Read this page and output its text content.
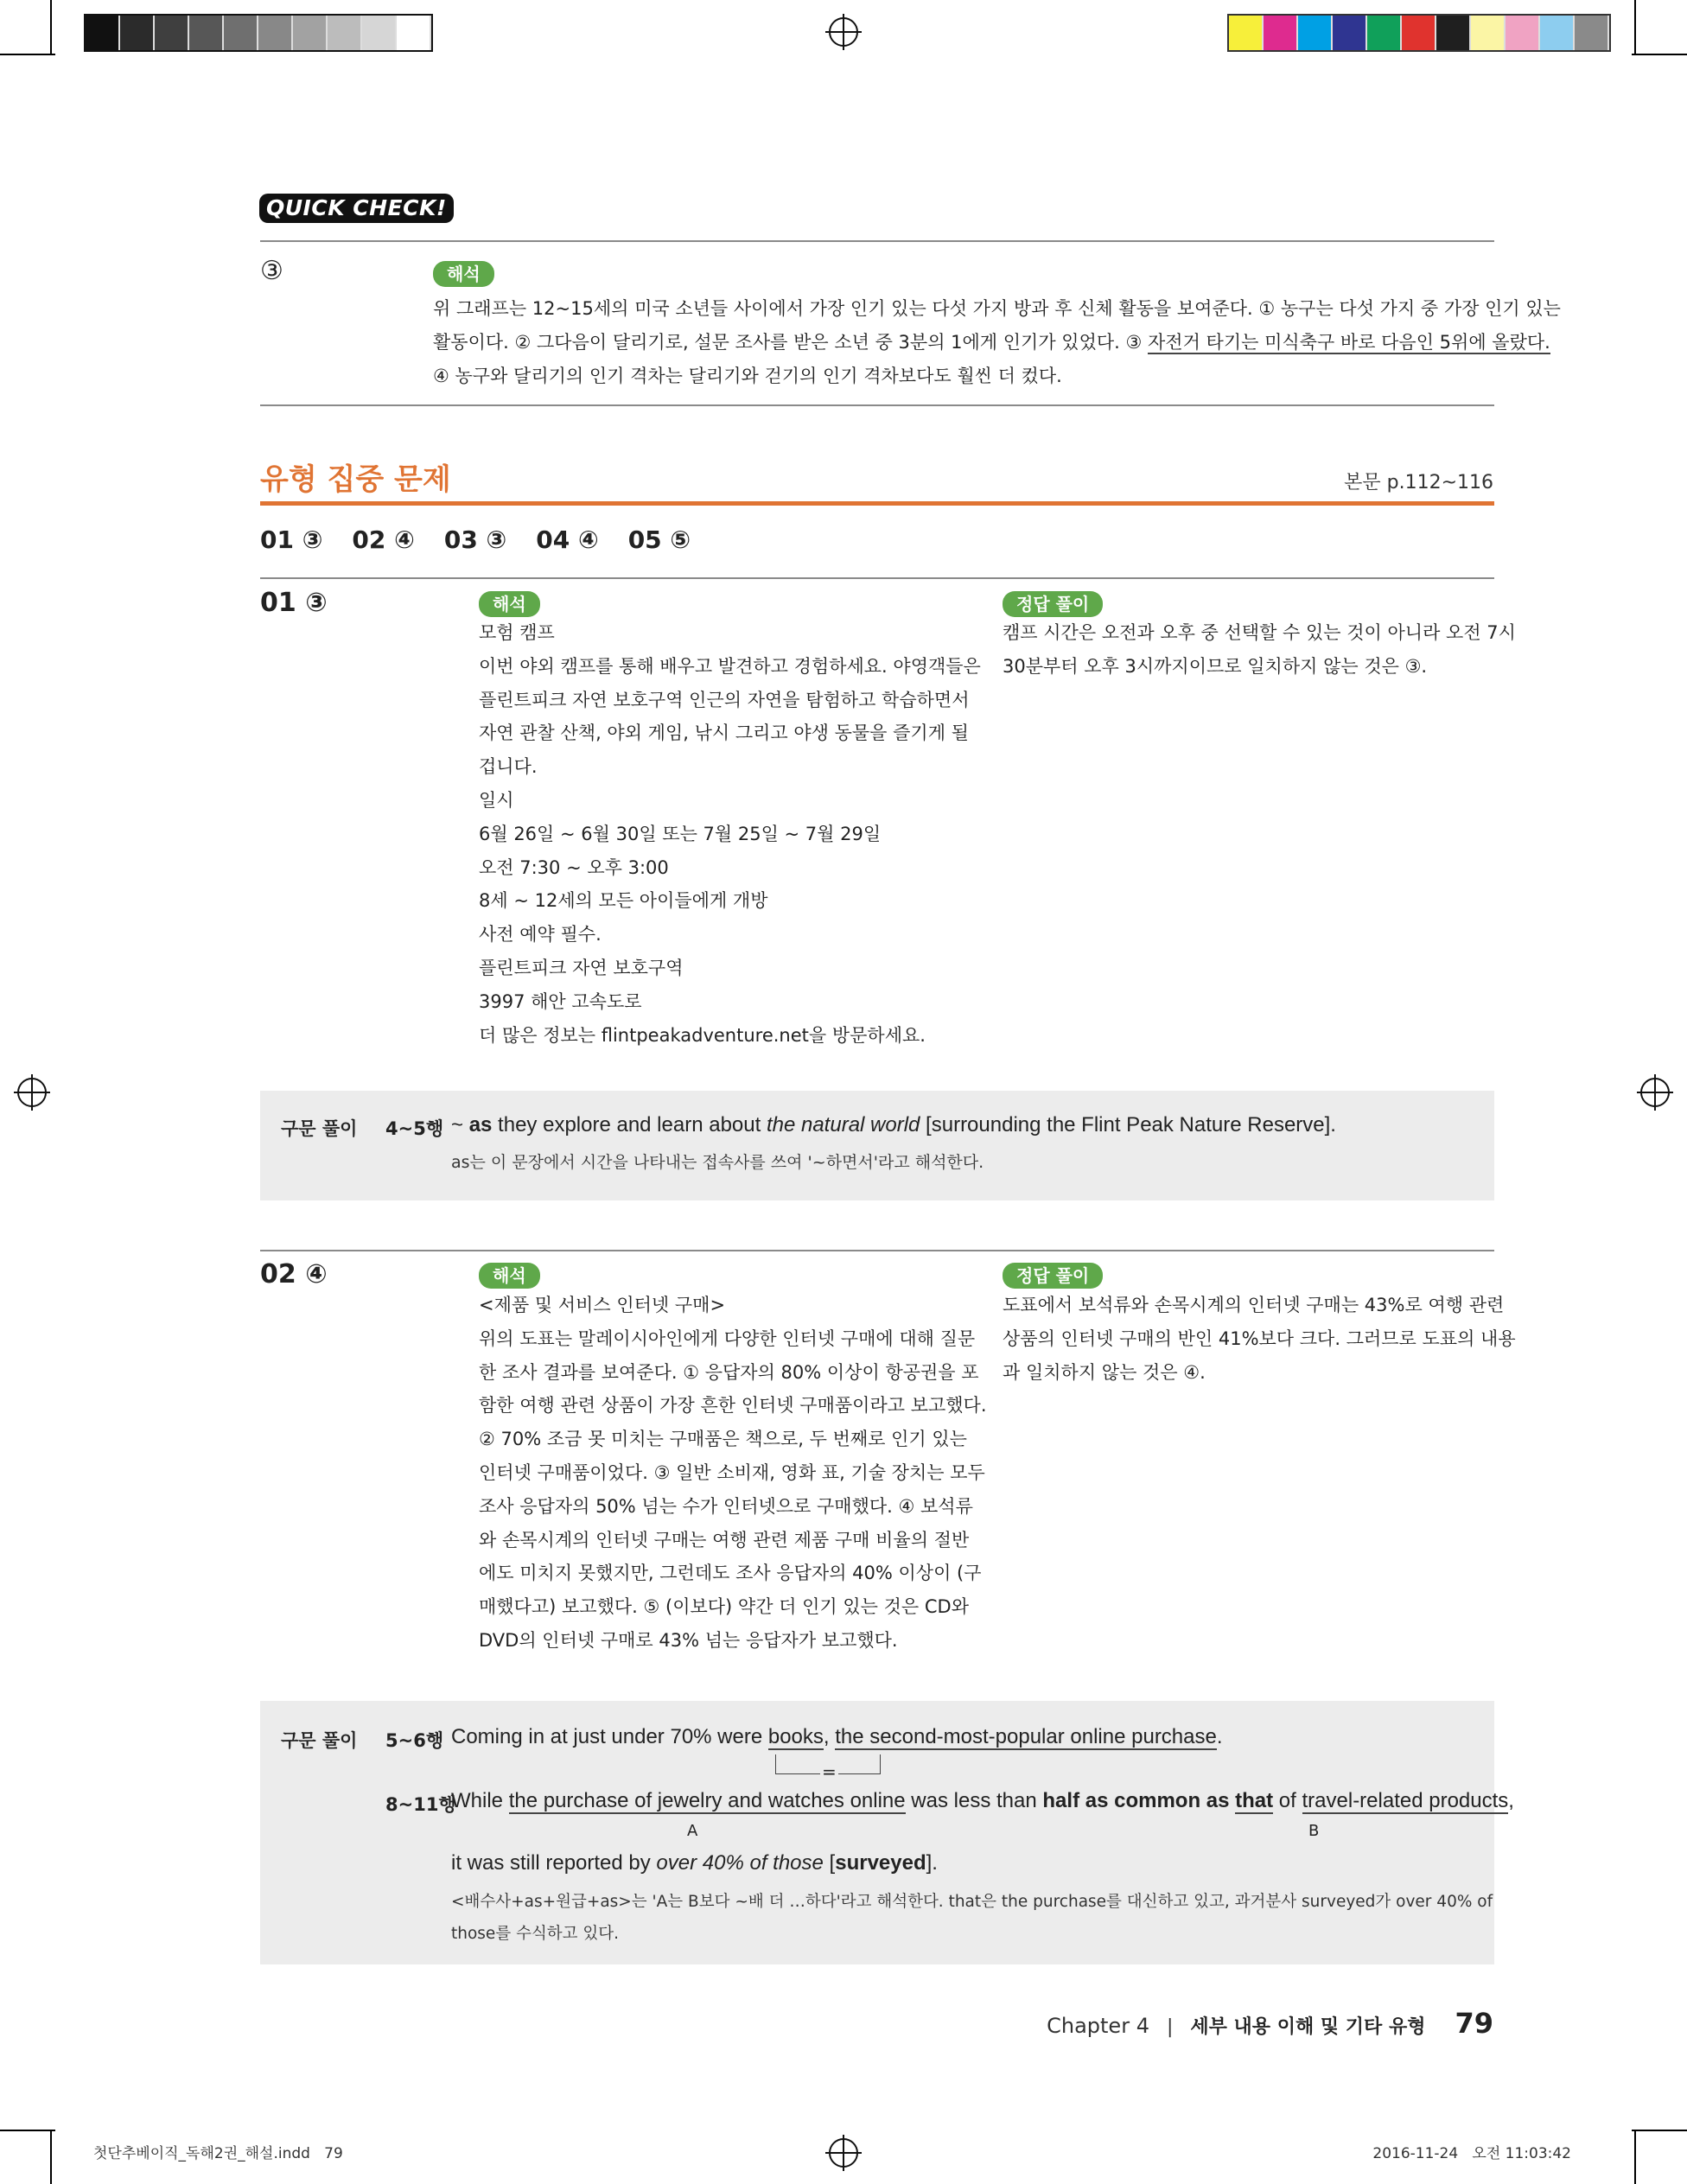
QUICK CHECK!
③	해석
위 그래프는 12~15세의 미국 소년들 사이에서 가장 인기 있는 다섯 가지 방과 후 신체 활동을 보여준다. ① 농구는 다섯 가지 중 가장 인기 있는
활동이다. ② 그다음이 달리기로, 설문 조사를 받은 소년 중 3분의 1에게 인기가 있었다. ③ 자전거 타기는 미식축구 바로 다음인 5위에 올랐다.
④ 농구와 달리기의 인기 격차는 달리기와 걷기의 인기 격차보다도 훨씬 더 컸다.
유형 집중 문제	본문 p.112~116
01 ③ 02 ④ 03 ③ 04 ④ 05 ⑤
01 ③	해석	정답 풀이
모험 캠프
이번 야외 캠프를 통해 배우고 발견하고 경험하세요. 야영객들은
플린트피크 자연 보호구역 인근의 자연을 탐험하고 학습하면서
자연 관찰 산책, 야외 게임, 낚시 그리고 야생 동물을 즐기게 될
겁니다.
일시
6월 26일 ~ 6월 30일 또는 7월 25일 ~ 7월 29일
오전 7:30 ~ 오후 3:00
8세 ~ 12세의 모든 아이들에게 개방
사전 예약 필수.
플린트피크 자연 보호구역
3997 해안 고속도로
더 많은 정보는 flintpeakadventure.net을 방문하세요.
캠프 시간은 오전과 오후 중 선택할 수 있는 것이 아니라 오전 7시
30분부터 오후 3시까지이므로 일치하지 않는 것은 ③.
구문 풀이 4~5행 ~ as they explore and learn about the natural world [surrounding the Flint Peak Nature Reserve].
as는 이 문장에서 시간을 나타내는 접속사를 쓰여 '~하면서'라고 해석한다.
02 ④	해석	정답 풀이
<제품 및 서비스 인터넷 구매>
위의 도표는 말레이시아인에게 다양한 인터넷 구매에 대해 질문
한 조사 결과를 보여준다. ① 응답자의 80% 이상이 항공권을 포
함한 여행 관련 상품이 가장 흔한 인터넷 구매품이라고 보고했다.
② 70% 조금 못 미치는 구매품은 책으로, 두 번째로 인기 있는
인터넷 구매품이었다. ③ 일반 소비재, 영화 표, 기술 장치는 모두
조사 응답자의 50% 넘는 수가 인터넷으로 구매했다. ④ 보석류
와 손목시계의 인터넷 구매는 여행 관련 제품 구매 비율의 절반
에도 미치지 못했지만, 그런데도 조사 응답자의 40% 이상이 (구
매했다고) 보고했다. ⑤ (이보다) 약간 더 인기 있는 것은 CD와
DVD의 인터넷 구매로 43% 넘는 응답자가 보고했다.
도표에서 보석류와 손목시계의 인터넷 구매는 43%로 여행 관련
상품의 인터넷 구매의 반인 41%보다 크다. 그러므로 도표의 내용
과 일치하지 않는 것은 ④.
구문 풀이 5~6행 Coming in at just under 70% were books, the second-most-popular online purchase.
=
8~11행
While the purchase of jewelry and watches online was less than half as common as that of travel-related products,
A	B
it was still reported by over 40% of those [surveyed].
<배수사+as+원급+as>는 'A는 B보다 ~배 더 …하다'라고 해석한다. that은 the purchase를 대신하고 있고, 과거분사 surveyed가 over 40% of
those를 수식하고 있다.
Chapter 4 | 세부 내용 이해 및 기타 유형 79
첫단추베이직_독해2권_해설.indd   79	2016-11-24   오전 11:03:42
